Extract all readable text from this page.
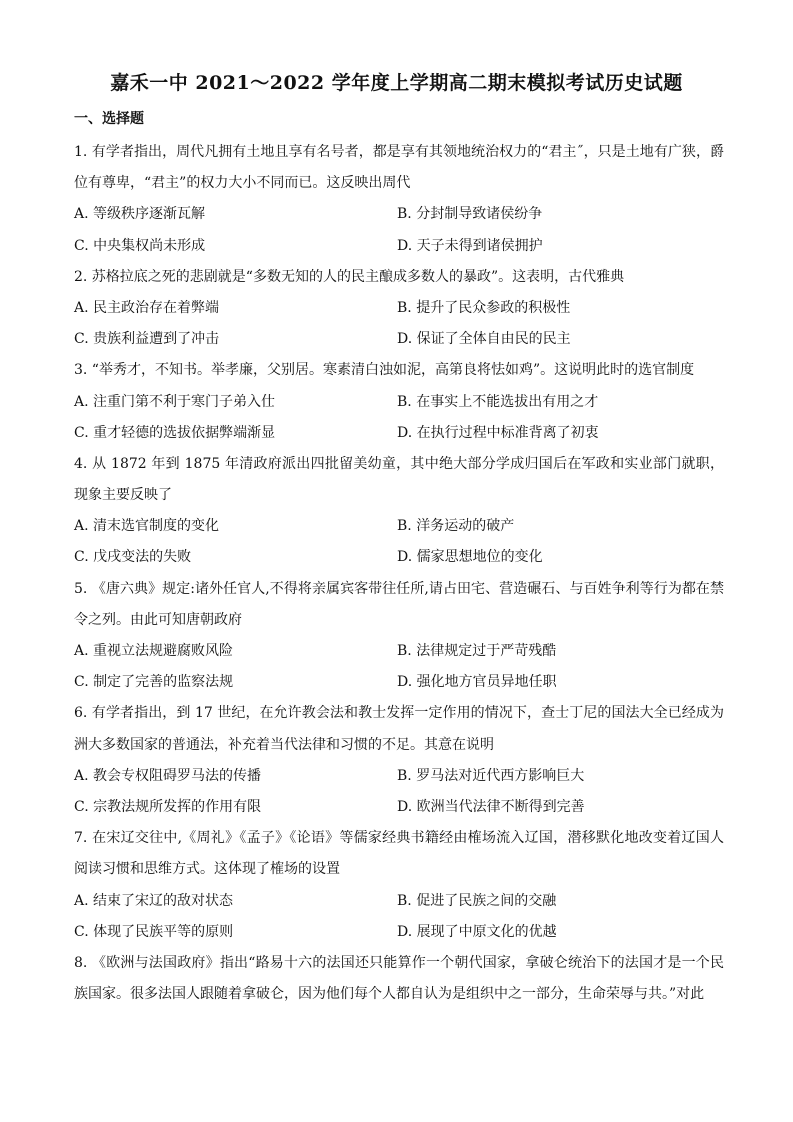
嘉禾一中 2021～2022 学年度上学期高二期末模拟考试历史试题
一、选择题
1. 有学者指出，周代凡拥有土地且享有名号者，都是享有其领地统治权力的“君主˝，只是土地有广狭，爵
位有尊卑，“君主”的权力大小不同而已。这反映出周代
A. 等级秩序逐渐瓦解	B. 分封制导致诸侯纷争
C. 中央集权尚未形成	D. 天子未得到诸侯拥护
2. 苏格拉底之死的悲剧就是“多数无知的人的民主酿成多数人的暴政”。这表明，古代雅典
A. 民主政治存在着弊端	B. 提升了民众参政的积极性
C. 贵族利益遭到了冲击	D. 保证了全体自由民的民主
3. “举秀才，不知书。举孝廉，父别居。寒素清白浊如泥，高第良将怯如鸡”。这说明此时的选官制度
A. 注重门第不利于寒门子弟入仕	B. 在事实上不能选拔出有用之才
C. 重才轻德的选拔依据弊端渐显	D. 在执行过程中标准背离了初衷
4. 从 1872 年到 1875 年清政府派出四批留美幼童，其中绝大部分学成归国后在军政和实业部门就职，
现象主要反映了
A. 清末选官制度的变化	B. 洋务运动的破产
C. 戊戌变法的失败	D. 儒家思想地位的变化
5. 《唐六典》规定:诸外任官人,不得将亲属宾客带往任所,请占田宅、营造碾石、与百姓争利等行为都在禁
令之列。由此可知唐朝政府
A. 重视立法规避腐败风险	B. 法律规定过于严苛残酷
C. 制定了完善的监察法规	D. 强化地方官员异地任职
6. 有学者指出，到 17 世纪，在允许教会法和教士发挥一定作用的情况下，查士丁尼的国法大全已经成为
洲大多数国家的普通法，补充着当代法律和习惯的不足。其意在说明
A. 教会专权阻碍罗马法的传播	B. 罗马法对近代西方影响巨大
C. 宗教法规所发挥的作用有限	D. 欧洲当代法律不断得到完善
7. 在宋辽交往中,《周礼》《孟子》《论语》等儒家经典书籍经由榷场流入辽国，潜移默化地改变着辽国人
阅读习惯和思维方式。这体现了榷场的设置
A. 结束了宋辽的敌对状态	B. 促进了民族之间的交融
C. 体现了民族平等的原则	D. 展现了中原文化的优越
8. 《欧洲与法国政府》指出“路易十六的法国还只能算作一个朝代国家，拿破仑统治下的法国才是一个民
族国家。很多法国人跟随着拿破仑，因为他们每个人都自认为是组织中之一部分，生命荣辱与共。”对此
